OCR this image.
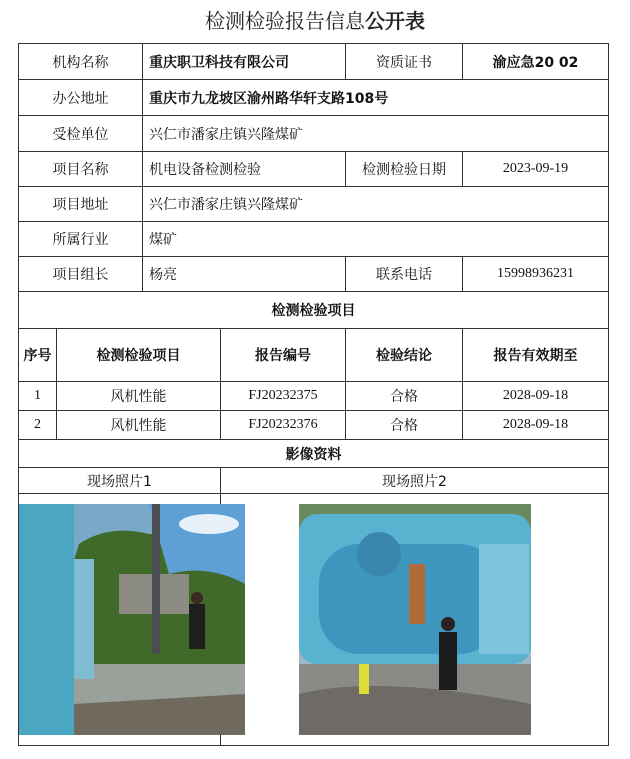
检测检验报告信息公开表
机构名称		重庆职卫科技有限公司		资质证书	渝应急20 02
办公地址		重庆市九龙坡区渝州路华轩支路108号			
受检单位		兴仁市潘家庄镇兴隆煤矿			
项目名称		机电设备检测检验		检测检验日期	2023-09-19
项目地址		兴仁市潘家庄镇兴隆煤矿			
所属行业		煤矿			
项目组长		杨亮		联系电话	15998936231
检测检验项目					
序号	检测检验项目		报告编号	检验结论	报告有效期至
1	风机性能		FJ20232375	合格	2028-09-18
2	风机性能		FJ20232376	合格	2028-09-18
影像资料					
现场照片1			现场照片2		
